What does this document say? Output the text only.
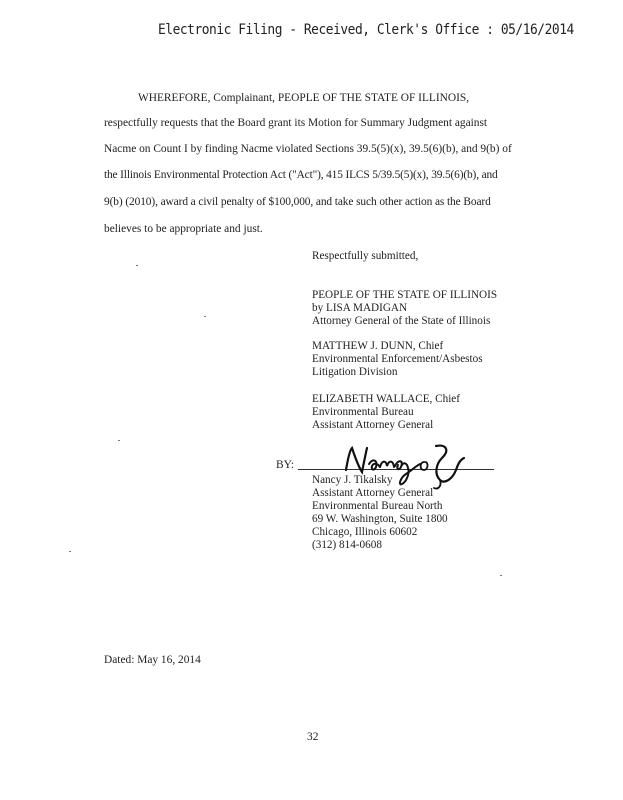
Electronic Filing - Received, Clerk's Office : 05/16/2014
WHEREFORE, Complainant, PEOPLE OF THE STATE OF ILLINOIS,
respectfully requests that the Board grant its Motion for Summary Judgment against
Nacme on Count I by finding Nacme violated Sections 39.5(5)(x), 39.5(6)(b), and 9(b) of
the Illinois Environmental Protection Act ("Act"), 415 ILCS 5/39.5(5)(x), 39.5(6)(b), and
9(b) (2010), award a civil penalty of $100,000, and take such other action as the Board
believes to be appropriate and just.
Respectfully submitted,
PEOPLE OF THE STATE OF ILLINOIS
by LISA MADIGAN
Attorney General of the State of Illinois
MATTHEW J. DUNN, Chief
Environmental Enforcement/Asbestos
Litigation Division
ELIZABETH WALLACE, Chief
Environmental Bureau
Assistant Attorney General
BY:
Nancy J. Tikalsky
Assistant Attorney General
Environmental Bureau North
69 W. Washington, Suite 1800
Chicago, Illinois 60602
(312) 814-0608
Dated: May 16, 2014
32
